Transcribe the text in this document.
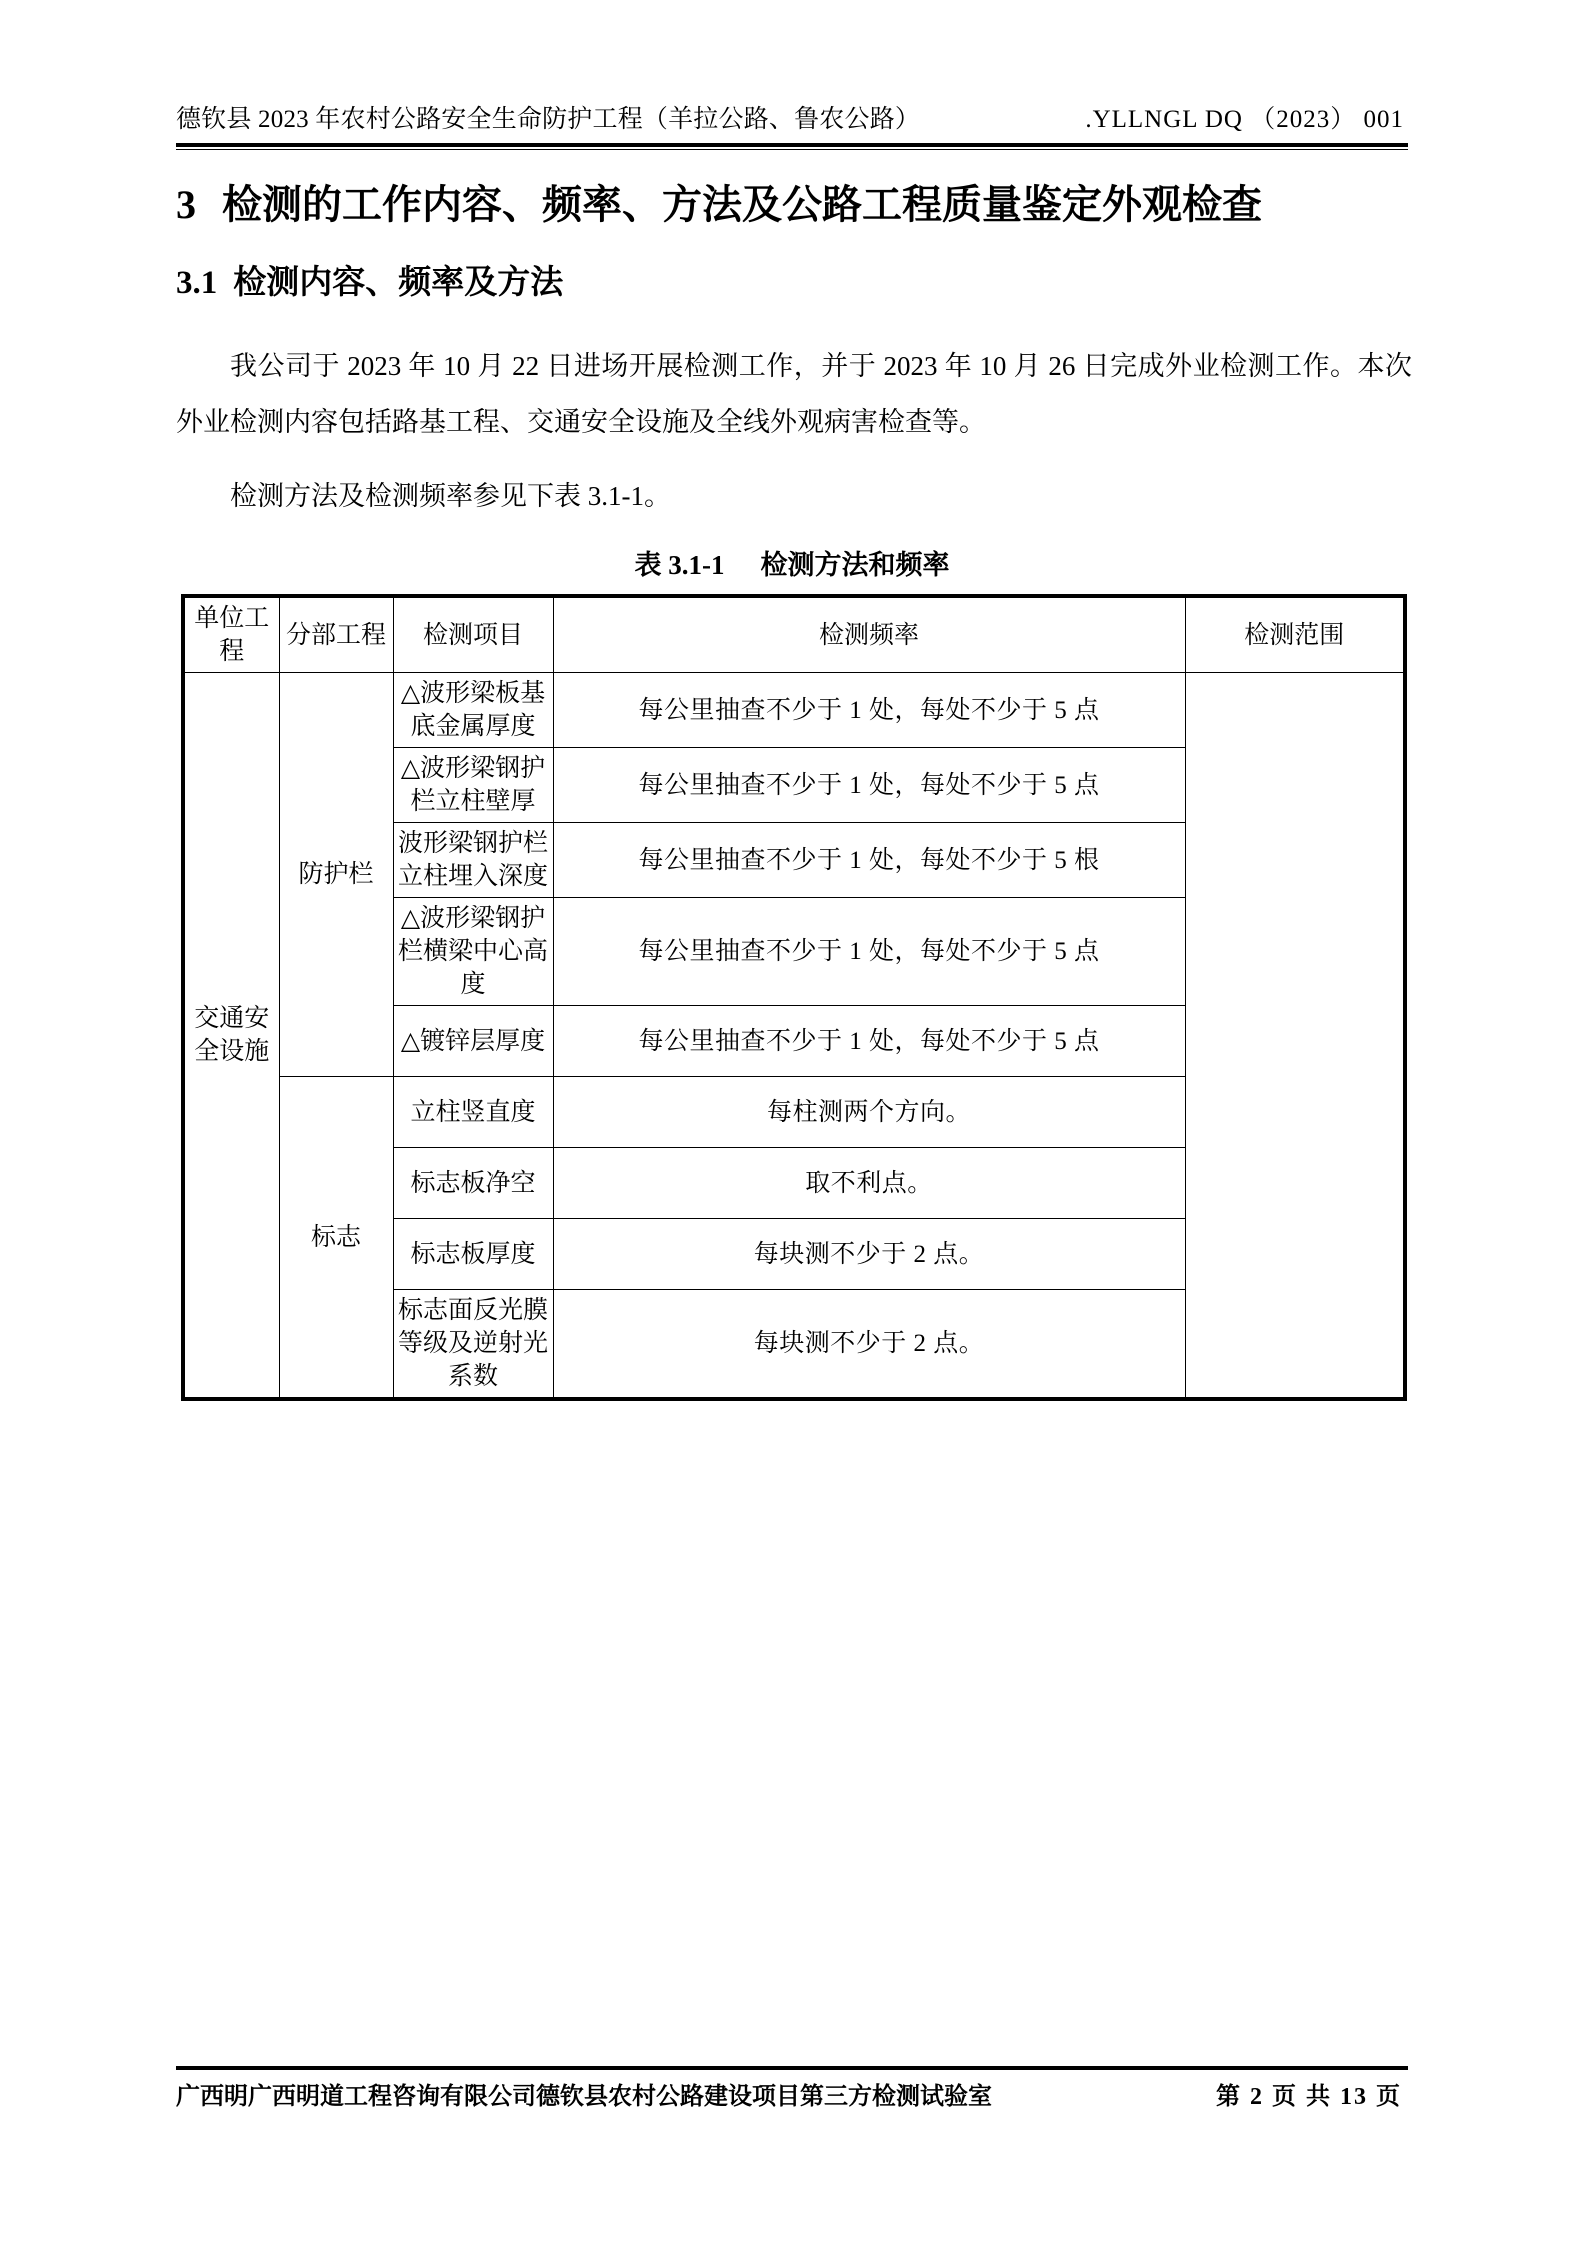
德钦县 2023 年农村公路安全生命防护工程（羊拉公路、鲁农公路）	.YLLNGL DQ （2023） 001
3 检测的工作内容、频率、方法及公路工程质量鉴定外观检查
3.1 检测内容、频率及方法

我公司于 2023 年 10 月 22 日进场开展检测工作，并于 2023 年 10 月 26 日完成外业检测工作。本次外业检测内容包括路基工程、交通安全设施及全线外观病害检查等。

检测方法及检测频率参见下表 3.1-1。

表 3.1-1 检测方法和频率
单位工程	分部工程	检测项目	检测频率	检测范围
交通安全设施	防护栏	△波形梁板基底金属厚度	每公里抽查不少于 1 处，每处不少于 5 点	
		△波形梁钢护栏立柱壁厚	每公里抽查不少于 1 处，每处不少于 5 点	
		波形梁钢护栏立柱埋入深度	每公里抽查不少于 1 处，每处不少于 5 根	
		△波形梁钢护栏横梁中心高度	每公里抽查不少于 1 处，每处不少于 5 点	
		△镀锌层厚度	每公里抽查不少于 1 处，每处不少于 5 点	
	标志	立柱竖直度	每柱测两个方向。	
		标志板净空	取不利点。	
		标志板厚度	每块测不少于 2 点。	
		标志面反光膜等级及逆射光系数	每块测不少于 2 点。	
广西明广西明道工程咨询有限公司德钦县农村公路建设项目第三方检测试验室	第 2 页 共 13 页
